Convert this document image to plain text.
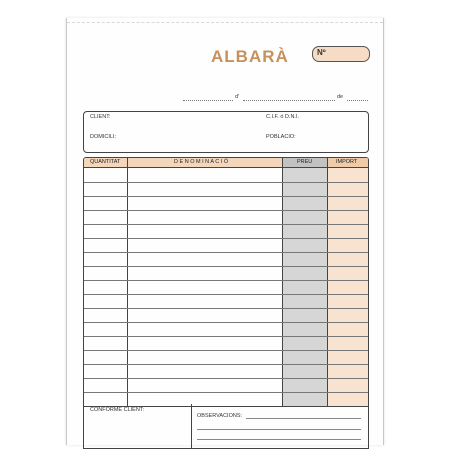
ALBARÀ	Nº
d'	de
CLIENT:	C.I.F. ó D.N.I.
DOMICILI:	POBLACIO:
QUANTITAT	D E N O M I N A C I Ó	PREU	IMPORT
CONFORME CLIENT:
OBSERVACIONS:
